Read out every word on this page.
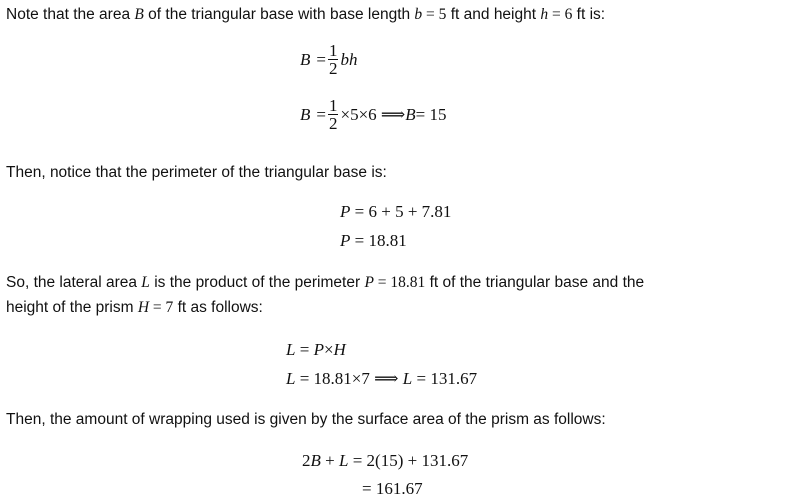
Note that the area B of the triangular base with base length b = 5 ft and height h = 6 ft is:
$B = \frac{1}{2}$ bh
$B = \frac{1}{2} \times 5\times 6$ ⟹ B = 15
Then, notice that the perimeter of the triangular base is:
P = 6 + 5 + 7.81
P = 18.81
So, the lateral area L is the product of the perimeter P = 18.81 ft of the triangular base and the
height of the prism H = 7 ft as follows:
L = P×H
L = 18.81×7 ⟹ L = 131.67
Then, the amount of wrapping used is given by the surface area of the prism as follows:
2B + L = 2(15) + 131.67
= 161.67
